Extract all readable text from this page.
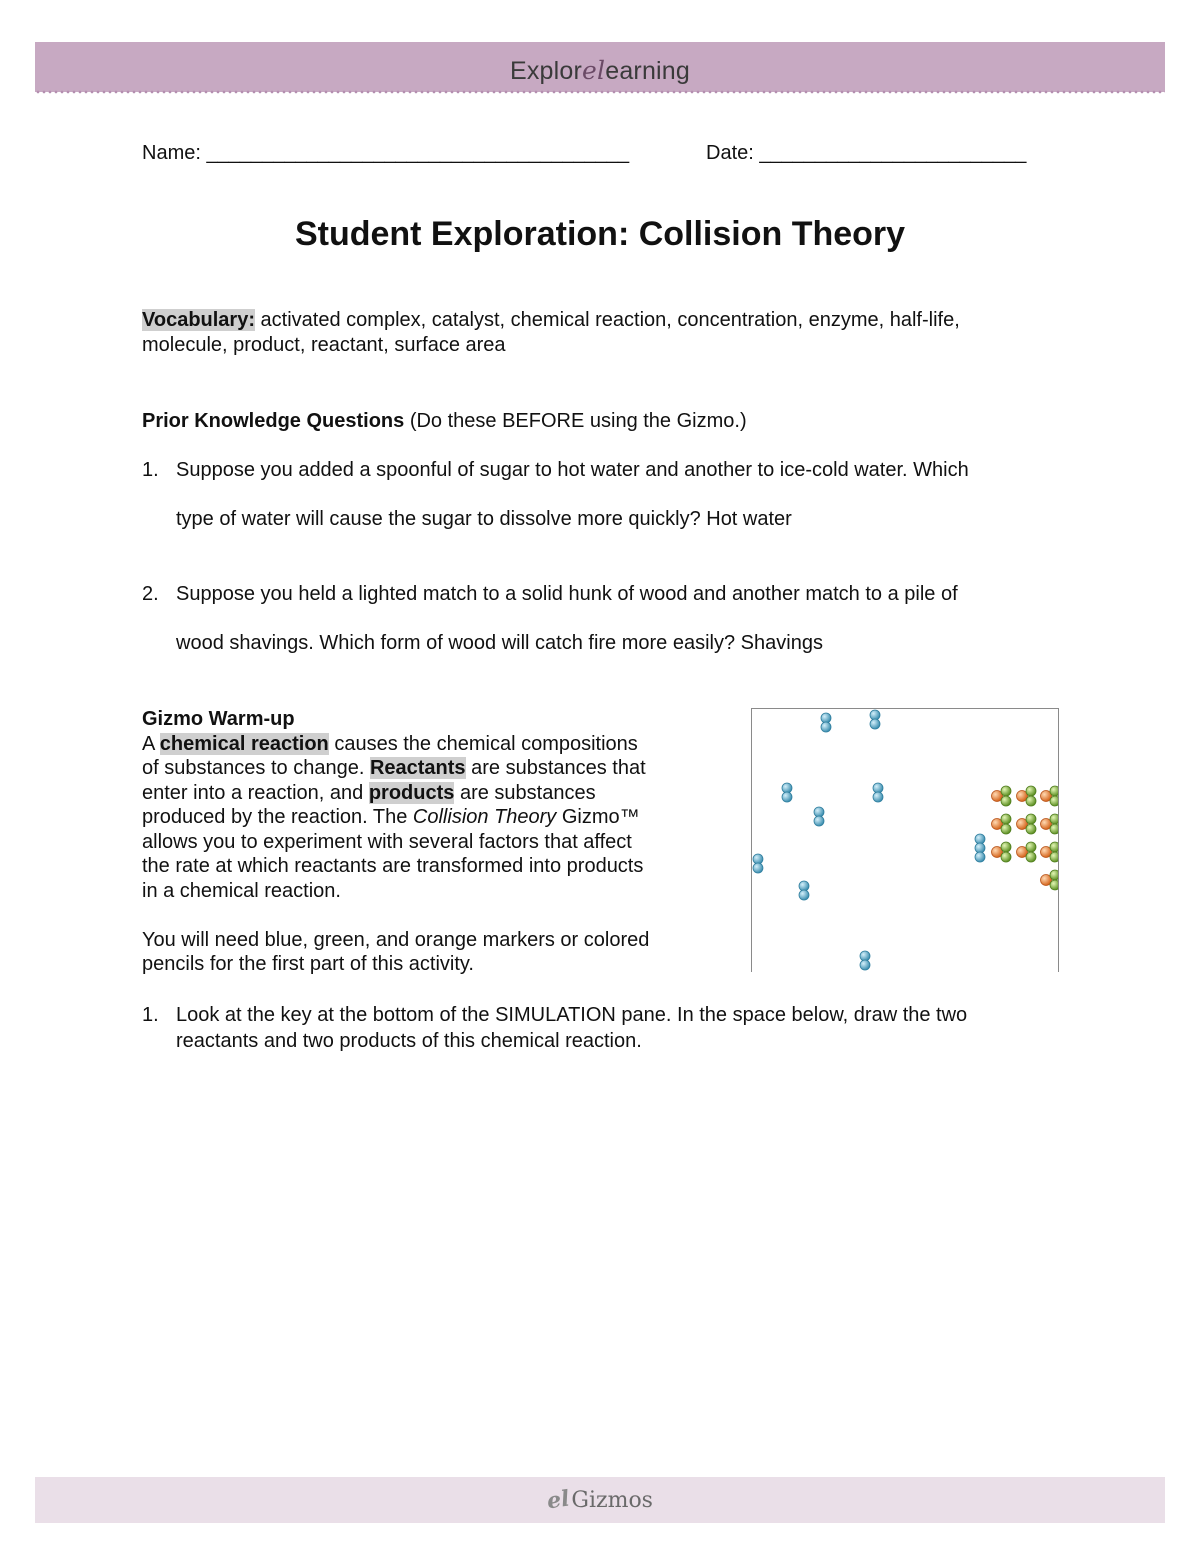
Explorelearning
Name: ______________________________________	Date: ________________________
Student Exploration: Collision Theory
Vocabulary: activated complex, catalyst, chemical reaction, concentration, enzyme, half-life,
molecule, product, reactant, surface area
Prior Knowledge Questions (Do these BEFORE using the Gizmo.)
1. Suppose you added a spoonful of sugar to hot water and another to ice-cold water. Which
type of water will cause the sugar to dissolve more quickly? Hot water
2. Suppose you held a lighted match to a solid hunk of wood and another match to a pile of
wood shavings. Which form of wood will catch fire more easily? Shavings
Gizmo Warm-up
A chemical reaction causes the chemical compositions
of substances to change. Reactants are substances that
enter into a reaction, and products are substances
produced by the reaction. The Collision Theory Gizmo™
allows you to experiment with several factors that affect
the rate at which reactants are transformed into products
in a chemical reaction.
You will need blue, green, and orange markers or colored
pencils for the first part of this activity.
1. Look at the key at the bottom of the SIMULATION pane. In the space below, draw the two
reactants and two products of this chemical reaction.
elGizmos
